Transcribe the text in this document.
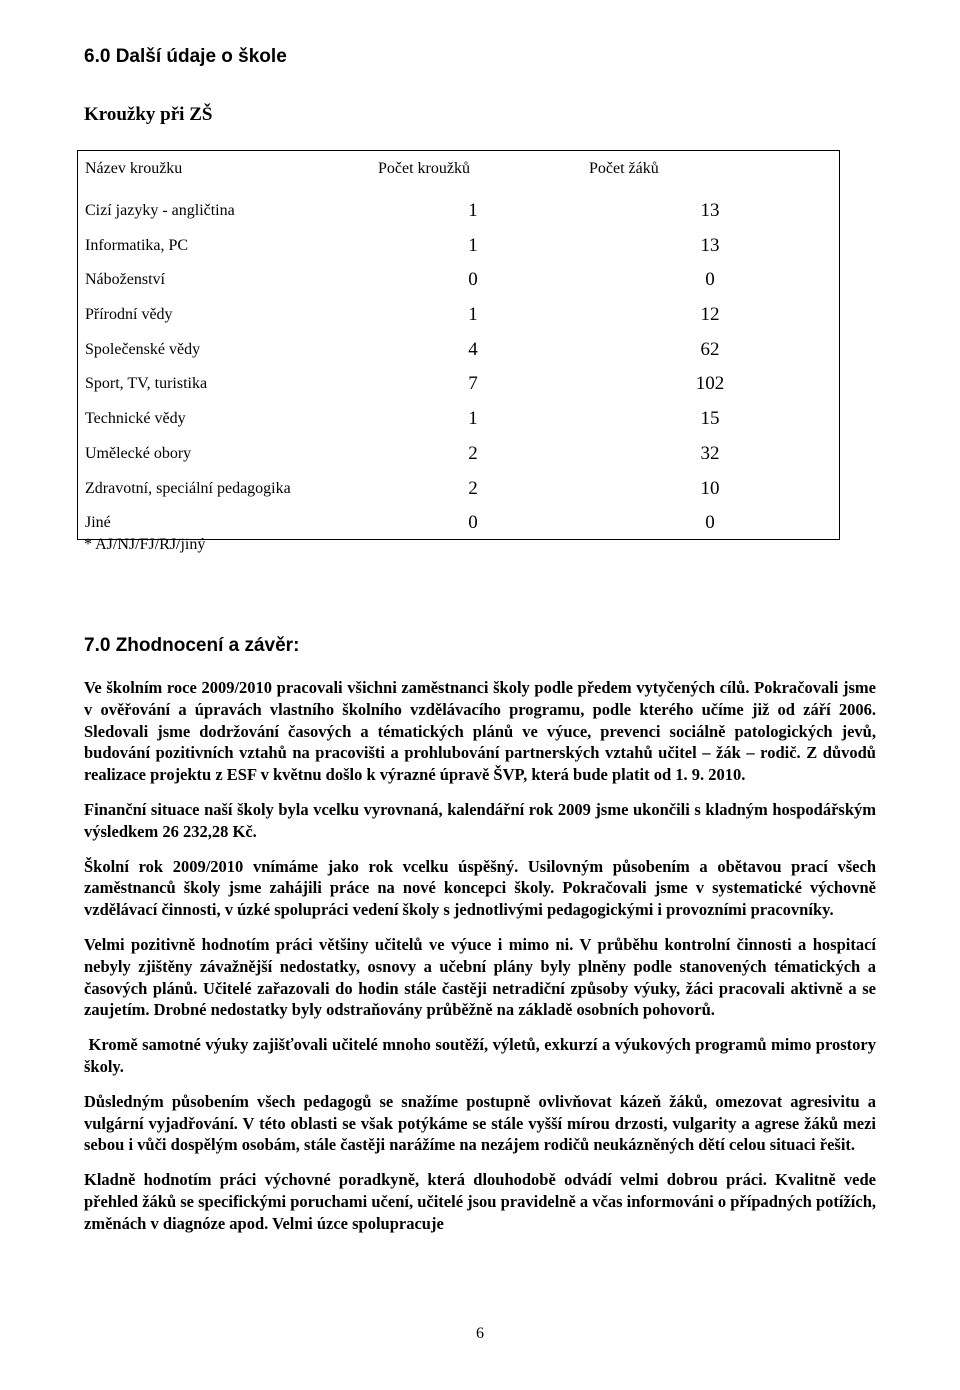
6.0 Další údaje o škole
Kroužky při ZŠ
Název kroužku	Počet kroužků	Počet žáků
Cizí jazyky - angličtina	1	13
Informatika, PC	1	13
Náboženství	0	0
Přírodní vědy	1	12
Společenské vědy	4	62
Sport, TV, turistika	7	102
Technické vědy	1	15
Umělecké obory	2	32
Zdravotní, speciální pedagogika	2	10
Jiné	0	0
* AJ/NJ/FJ/RJ/jiný
7.0 Zhodnocení a závěr:

Ve školním roce 2009/2010 pracovali všichni zaměstnanci školy podle předem vytyčených cílů. Pokračovali jsme v ověřování a úpravách vlastního školního vzdělávacího programu, podle kterého učíme již od září 2006. Sledovali jsme dodržování časových a tématických plánů ve výuce, prevenci sociálně patologických jevů, budování pozitivních vztahů na pracovišti a prohlubování partnerských vztahů učitel – žák – rodič. Z důvodů realizace projektu z ESF v květnu došlo k výrazné úpravě ŠVP, která bude platit od 1. 9. 2010.

Finanční situace naší školy byla vcelku vyrovnaná, kalendářní rok 2009 jsme ukončili s kladným hospodářským výsledkem 26 232,28 Kč.

Školní rok 2009/2010 vnímáme jako rok vcelku úspěšný. Usilovným působením a obětavou prací všech zaměstnanců školy jsme zahájili práce na nové koncepci školy. Pokračovali jsme v systematické výchovně vzdělávací činnosti, v úzké spolupráci vedení školy s jednotlivými pedagogickými i provozními pracovníky.

Velmi pozitivně hodnotím práci většiny učitelů ve výuce i mimo ni. V průběhu kontrolní činnosti a hospitací nebyly zjištěny závažnější nedostatky, osnovy a učební plány byly plněny podle stanovených tématických a časových plánů. Učitelé zařazovali do hodin stále častěji netradiční způsoby výuky, žáci pracovali aktivně a se zaujetím. Drobné nedostatky byly odstraňovány průběžně na základě osobních pohovorů.

Kromě samotné výuky zajišťovali učitelé mnoho soutěží, výletů, exkurzí a výukových programů mimo prostory školy.

Důsledným působením všech pedagogů se snažíme postupně ovlivňovat kázeň žáků, omezovat agresivitu a vulgární vyjadřování. V této oblasti se však potýkáme se stále vyšší mírou drzosti, vulgarity a agrese žáků mezi sebou i vůči dospělým osobám, stále častěji narážíme na nezájem rodičů neukázněných dětí celou situaci řešit.

Kladně hodnotím práci výchovné poradkyně, která dlouhodobě odvádí velmi dobrou práci. Kvalitně vede přehled žáků se specifickými poruchami učení, učitelé jsou pravidelně a včas informováni o případných potížích, změnách v diagnóze apod. Velmi úzce spolupracuje

6
